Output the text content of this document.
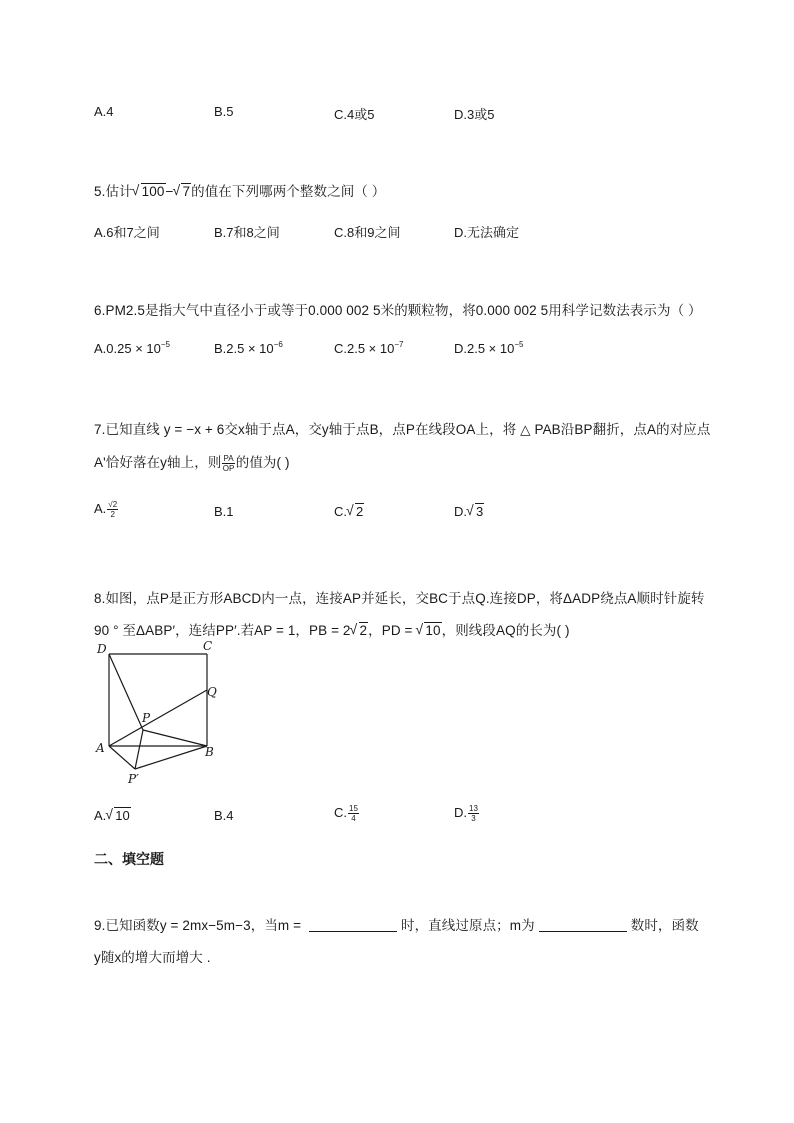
A.4	B.5	C.4或5	D.3或5
5.估计 √ 100− √ 7的值在下列哪两个整数之间（ ）
A.6和7之间	B.7和8之间	C.8和9之间	D.无法确定
6.PM2.5是指大气中直径小于或等于0.000 002 5米的颗粒物，将0.000 002 5用科学记数法表示为（ ）
$A.0.25 \times 10^{-5}$	$B.2.5 \times 10^{-6}$	$C.2.5 \times 10^{-7}$	$D.2.5 \times 10^{-5}$
7.已知直线 y = −x + 6交x轴于点A，交y轴于点B，点P在线段OA上，将 △ PAB沿BP翻折，点A的对应点
A'恰好落在y轴上，则 $\frac{PA}{OP}$ 的值为( )
A. $\frac{√2}{2}$	B.1	C. √ 2	D. √ 3
8.如图，点P是正方形ABCD内一点，连接AP并延长，交BC于点Q.连接DP，将ΔADP绕点A顺时针旋转
90 ° 至ΔABP′，连结PP′.若AP = 1，PB = 2 √ 2，PD = √ 10，则线段AQ的长为( )
D	C
Q
P
A	B
P′
A. √ 10	B.4	C. $\frac{15}{4}$	D. $\frac{13}{3}$
二、填空题
9.已知函数y = 2mx−5m−3，当m =	时，直线过原点；m为	数时，函数
y随x的增大而增大 .
